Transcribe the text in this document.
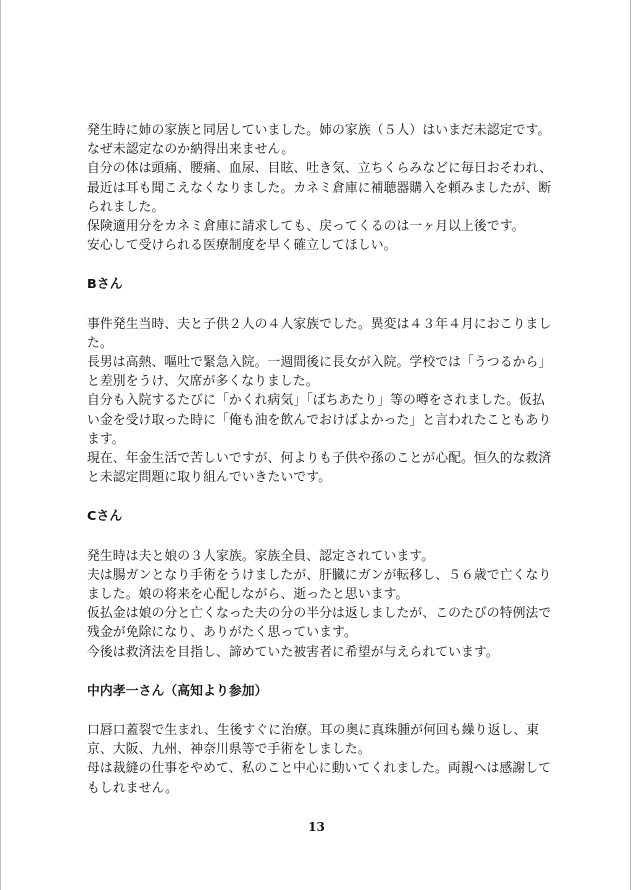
発生時に姉の家族と同居していました。姉の家族（５人）はいまだ未認定です。なぜ未認定なのか納得出来ません。

自分の体は頭痛、腰痛、血尿、目眩、吐き気、立ちくらみなどに毎日おそわれ、最近は耳も聞こえなくなりました。カネミ倉庫に補聴器購入を頼みましたが、断られました。

保険適用分をカネミ倉庫に請求しても、戻ってくるのは一ヶ月以上後です。

安心して受けられる医療制度を早く確立してほしい。

Bさん

事件発生当時、夫と子供２人の４人家族でした。異変は４３年４月におこりました。

長男は高熱、嘔吐で緊急入院。一週間後に長女が入院。学校では「うつるから」と差別をうけ、欠席が多くなりました。

自分も入院するたびに「かくれ病気」「ばちあたり」等の噂をされました。仮払い金を受け取った時に「俺も油を飲んでおけばよかった」と言われたこともあります。

現在、年金生活で苦しいですが、何よりも子供や孫のことが心配。恒久的な救済と未認定問題に取り組んでいきたいです。

Cさん

発生時は夫と娘の３人家族。家族全員、認定されています。

夫は腸ガンとなり手術をうけましたが、肝臓にガンが転移し、５６歳で亡くなりました。娘の将来を心配しながら、逝ったと思います。

仮払金は娘の分と亡くなった夫の分の半分は返しましたが、このたびの特例法で残金が免除になり、ありがたく思っています。

今後は救済法を目指し、諦めていた被害者に希望が与えられています。

中内孝一さん（高知より参加）

口唇口蓋裂で生まれ、生後すぐに治療。耳の奥に真珠腫が何回も繰り返し、東京、大阪、九州、神奈川県等で手術をしました。

母は裁縫の仕事をやめて、私のこと中心に動いてくれました。両親へは感謝してもしれません。

13
